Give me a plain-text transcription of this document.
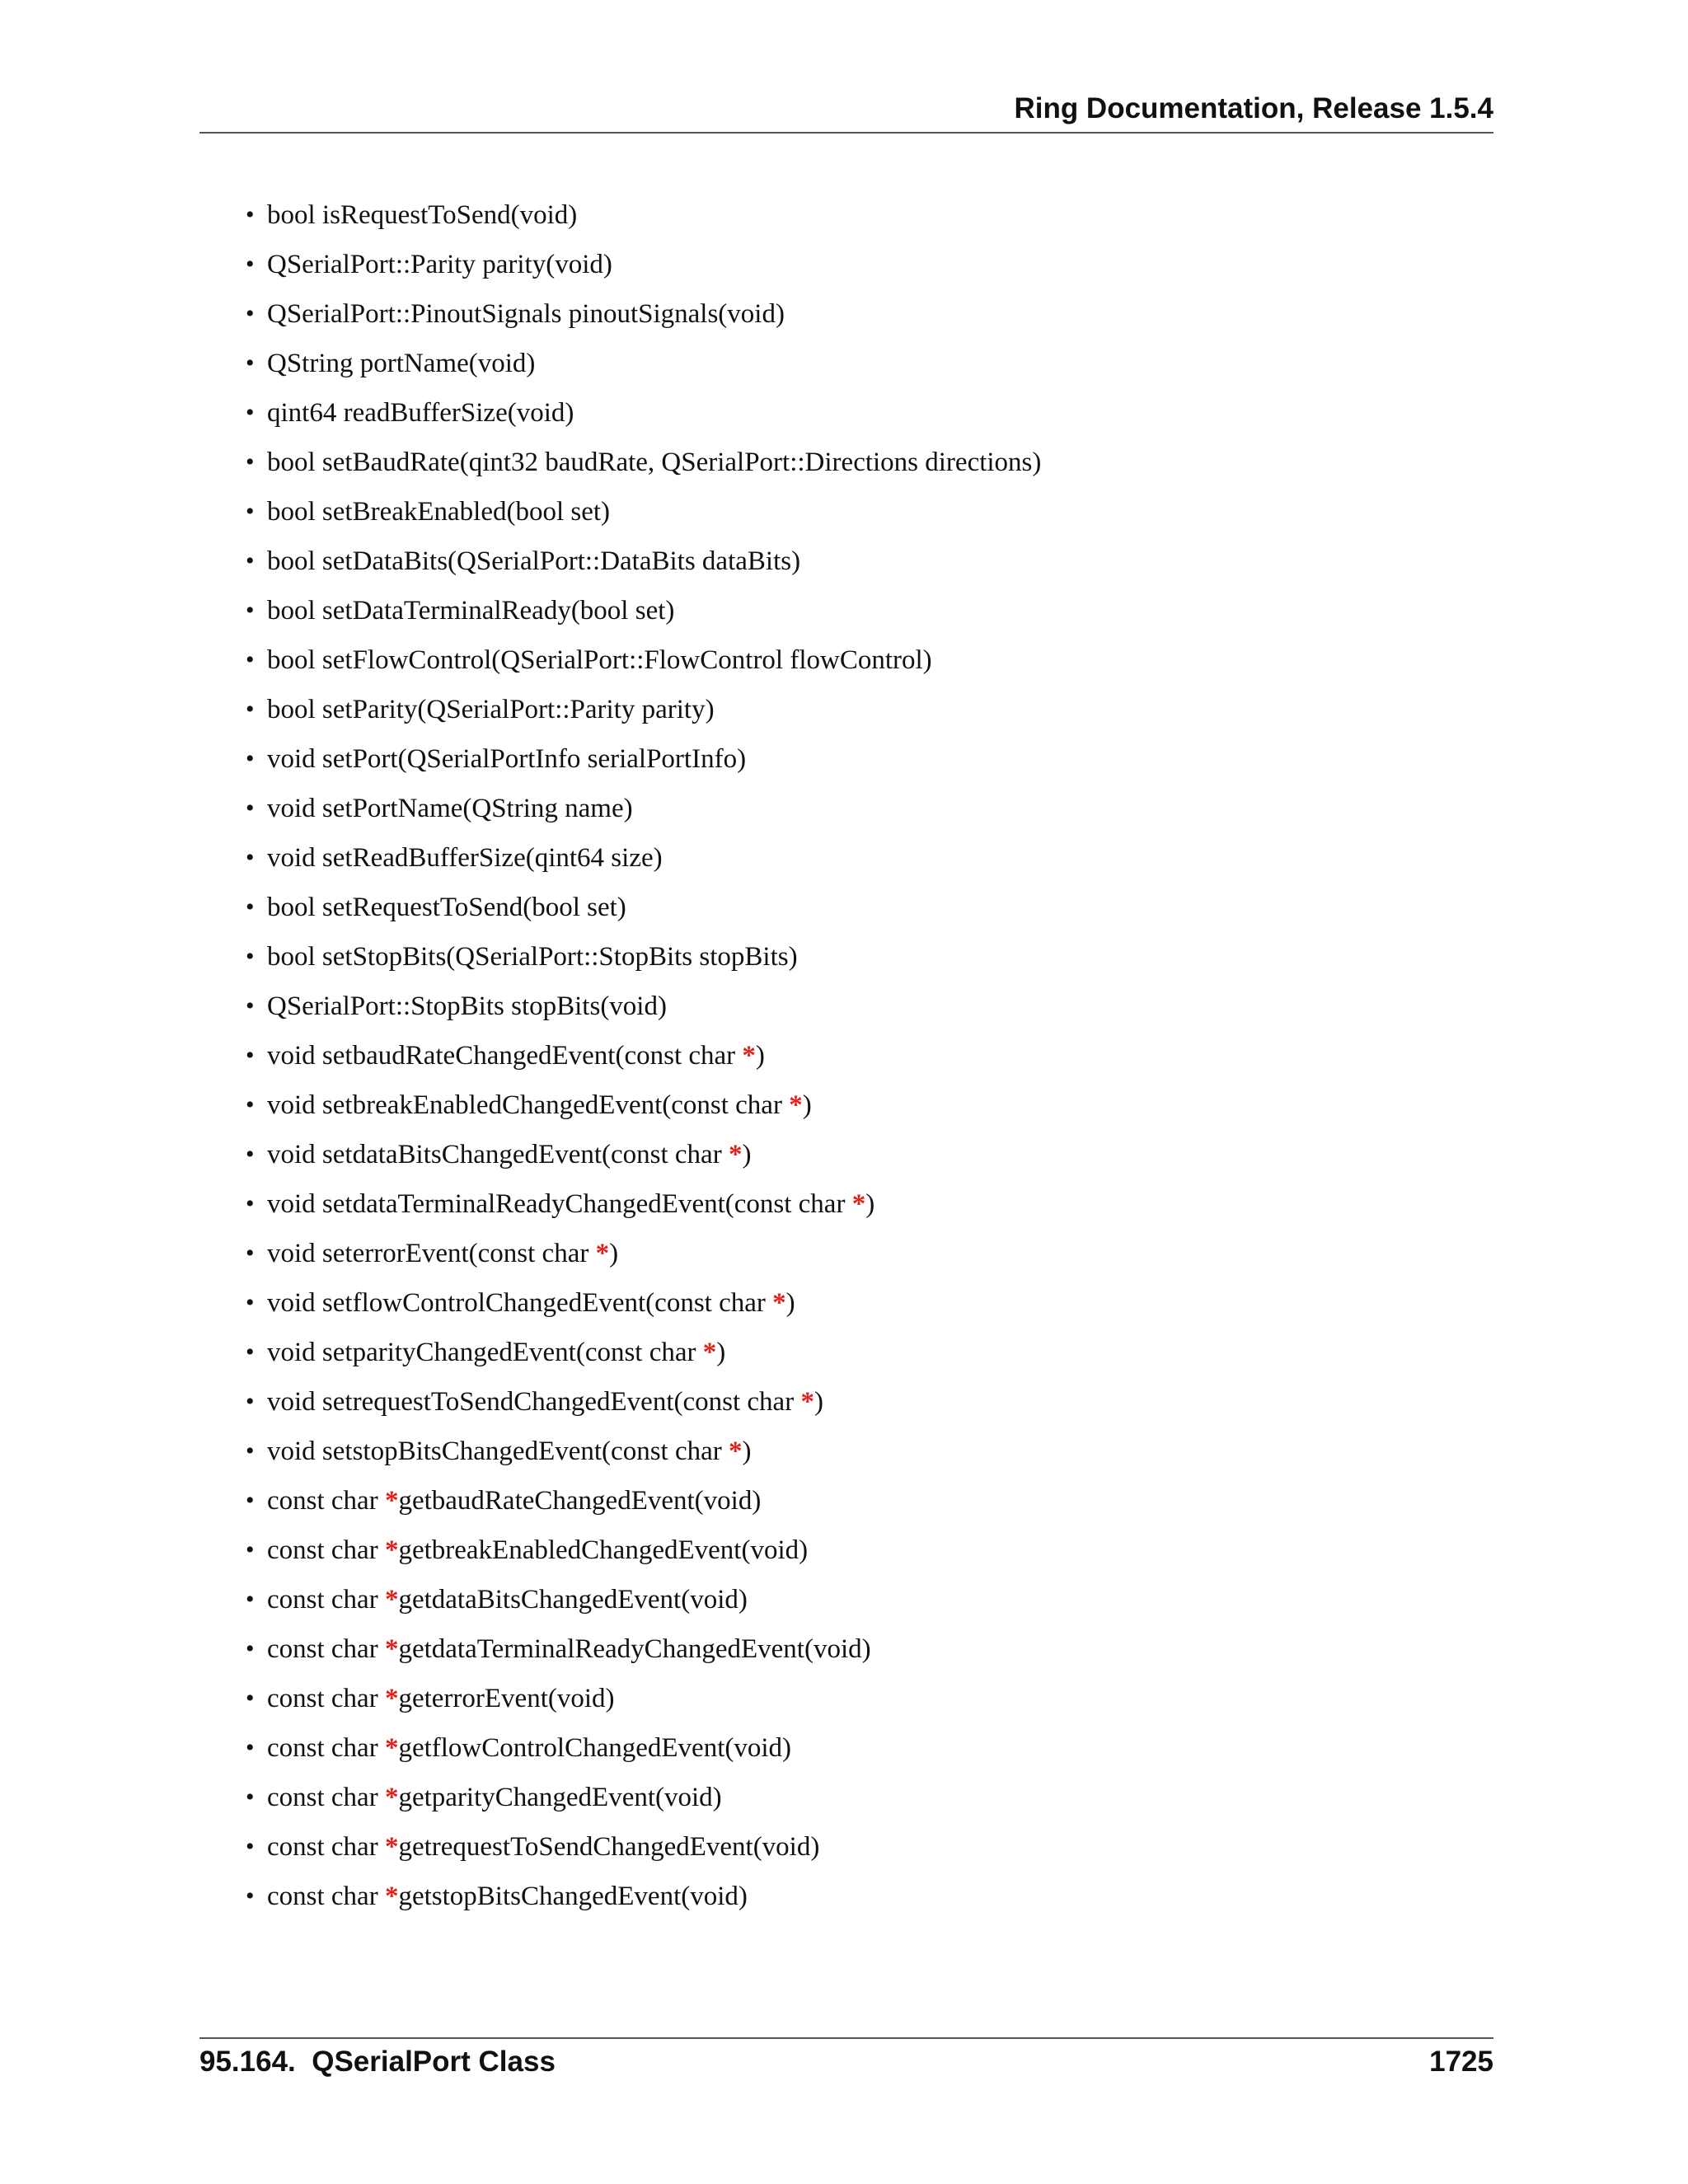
Ring Documentation, Release 1.5.4
• bool isRequestToSend(void)
• QSerialPort::Parity parity(void)
• QSerialPort::PinoutSignals pinoutSignals(void)
• QString portName(void)
• qint64 readBufferSize(void)
• bool setBaudRate(qint32 baudRate, QSerialPort::Directions directions)
• bool setBreakEnabled(bool set)
• bool setDataBits(QSerialPort::DataBits dataBits)
• bool setDataTerminalReady(bool set)
• bool setFlowControl(QSerialPort::FlowControl flowControl)
• bool setParity(QSerialPort::Parity parity)
• void setPort(QSerialPortInfo serialPortInfo)
• void setPortName(QString name)
• void setReadBufferSize(qint64 size)
• bool setRequestToSend(bool set)
• bool setStopBits(QSerialPort::StopBits stopBits)
• QSerialPort::StopBits stopBits(void)
• void setbaudRateChangedEvent(const char *)
• void setbreakEnabledChangedEvent(const char *)
• void setdataBitsChangedEvent(const char *)
• void setdataTerminalReadyChangedEvent(const char *)
• void seterrorEvent(const char *)
• void setflowControlChangedEvent(const char *)
• void setparityChangedEvent(const char *)
• void setrequestToSendChangedEvent(const char *)
• void setstopBitsChangedEvent(const char *)
• const char *getbaudRateChangedEvent(void)
• const char *getbreakEnabledChangedEvent(void)
• const char *getdataBitsChangedEvent(void)
• const char *getdataTerminalReadyChangedEvent(void)
• const char *geterrorEvent(void)
• const char *getflowControlChangedEvent(void)
• const char *getparityChangedEvent(void)
• const char *getrequestToSendChangedEvent(void)
• const char *getstopBitsChangedEvent(void)
95.164.  QSerialPort Class	1725
